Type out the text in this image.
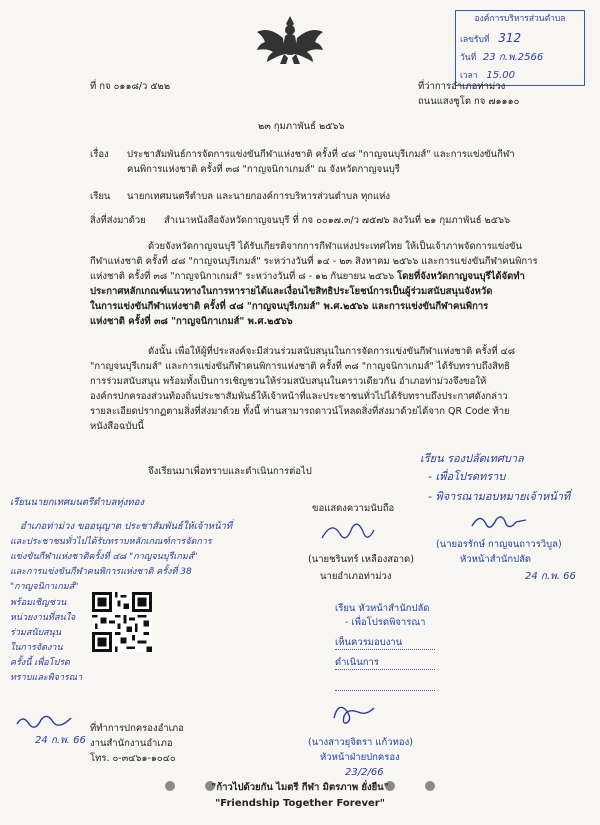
องค์การบริหารส่วนตำบล
เลขรับที่ 312
วันที่ 23 ก.พ.2566
เวลา 15.00
ที่ กจ ๐๑๑๘/ว ๕๒๒	ที่ว่าการอำเภอท่าม่วง
ถนนแสงชูโต กจ ๗๑๑๑๐
๒๓ กุมภาพันธ์ ๒๕๖๖
เรื่อง ประชาสัมพันธ์การจัดการแข่งขันกีฬาแห่งชาติ ครั้งที่ ๔๘ "กาญจนบุรีเกมส์" และการแข่งขันกีฬา
คนพิการแห่งชาติ ครั้งที่ ๓๘ "กาญจนิกาเกมส์" ณ จังหวัดกาญจนบุรี
เรียน นายกเทศมนตรีตำบล และนายกองค์การบริหารส่วนตำบล ทุกแห่ง
สิ่งที่ส่งมาด้วย สำเนาหนังสือจังหวัดกาญจนบุรี ที่ กจ ๐๐๑๗.๓/ว ๗๕๗๖ ลงวันที่ ๒๑ กุมภาพันธ์ ๒๕๖๖
ด้วยจังหวัดกาญจนบุรี ได้รับเกียรติจากการกีฬาแห่งประเทศไทย ให้เป็นเจ้าภาพจัดการแข่งขัน
กีฬาแห่งชาติ ครั้งที่ ๔๘ "กาญจนบุรีเกมส์" ระหว่างวันที่ ๑๔ - ๒๓ สิงหาคม ๒๕๖๖ และการแข่งขันกีฬาคนพิการ
แห่งชาติ ครั้งที่ ๓๘ "กาญจนิกาเกมส์" ระหว่างวันที่ ๘ - ๑๒ กันยายน ๒๕๖๖ โดยที่จังหวัดกาญจนบุรีได้จัดทำ
ประกาศหลักเกณฑ์แนวทางในการหารายได้และเงื่อนไขสิทธิประโยชน์การเป็นผู้ร่วมสนับสนุนจังหวัด
ในการแข่งขันกีฬาแห่งชาติ ครั้งที่ ๔๘ "กาญจนบุรีเกมส์" พ.ศ.๒๕๖๖ และการแข่งขันกีฬาคนพิการ
แห่งชาติ ครั้งที่ ๓๘ "กาญจนิกาเกมส์" พ.ศ.๒๕๖๖
ดังนั้น เพื่อให้ผู้ที่ประสงค์จะมีส่วนร่วมสนับสนุนในการจัดการแข่งขันกีฬาแห่งชาติ ครั้งที่ ๔๘
"กาญจนบุรีเกมส์" และการแข่งขันกีฬาคนพิการแห่งชาติ ครั้งที่ ๓๘ "กาญจนิกาเกมส์" ได้รับทราบถึงสิทธิ
การร่วมสนับสนุน พร้อมทั้งเป็นการเชิญชวนให้ร่วมสนับสนุนในคราวเดียวกัน อำเภอท่าม่วงจึงขอให้
องค์กรปกครองส่วนท้องถิ่นประชาสัมพันธ์ให้เจ้าหน้าที่และประชาชนทั่วไปได้รับทราบถึงประกาศดังกล่าว
รายละเอียดปรากฏตามสิ่งที่ส่งมาด้วย ทั้งนี้ ท่านสามารถดาวน์โหลดสิ่งที่ส่งมาด้วยได้จาก QR Code ท้าย
หนังสือฉบับนี้
จึงเรียนมาเพื่อทราบและดำเนินการต่อไป
เรียน รองปลัดเทศบาล
- เพื่อโปรดทราบ
- พิจารณามอบหมายเจ้าหน้าที่
(นายอรรักษ์ กาญจนถาวรวิบูล)
หัวหน้าสำนักปลัด
24 ก.พ. 66
ขอแสดงความนับถือ
(นายชรินทร์ เหลืองสอาด)
นายอำเภอท่าม่วง
เรียน หัวหน้าสำนักปลัด
- เพื่อโปรดพิจารณา
เห็นควรมอบงาน
ดำเนินการ
(นางสาวยุจิตรา แก้วทอง)
หัวหน้าฝ่ายปกครอง
23/2/66
เรียนนายกเทศมนตรีตำบลทุ่งทอง
อำเภอท่าม่วง ขออนุญาต ประชาสัมพันธ์ให้เจ้าหน้าที่
และประชาชนทั่วไปได้รับทราบหลักเกณฑ์การจัดการ
แข่งขันกีฬาแห่งชาติครั้งที่ ๔๘ "กาญจนบุรีเกมส์"
และการแข่งขันกีฬาคนพิการแห่งชาติ ครั้งที่ 38
"กาญจนิกาเกมส์"
พร้อมเชิญชวน
หน่วยงานที่สนใจ
ร่วมสนับสนุน
ในการจัดงาน
ครั้งนี้ เพื่อโปรด
ทราบและพิจารณา
24 ก.พ. 66
ที่ทำการปกครองอำเภอ
งานสำนักงานอำเภอ
โทร. ๐-๓๔๖๑-๑๐๔๐
"ก้าวไปด้วยกัน ไมตรี กีฬา มิตรภาพ ยั่งยืน"
"Friendship Together Forever"
